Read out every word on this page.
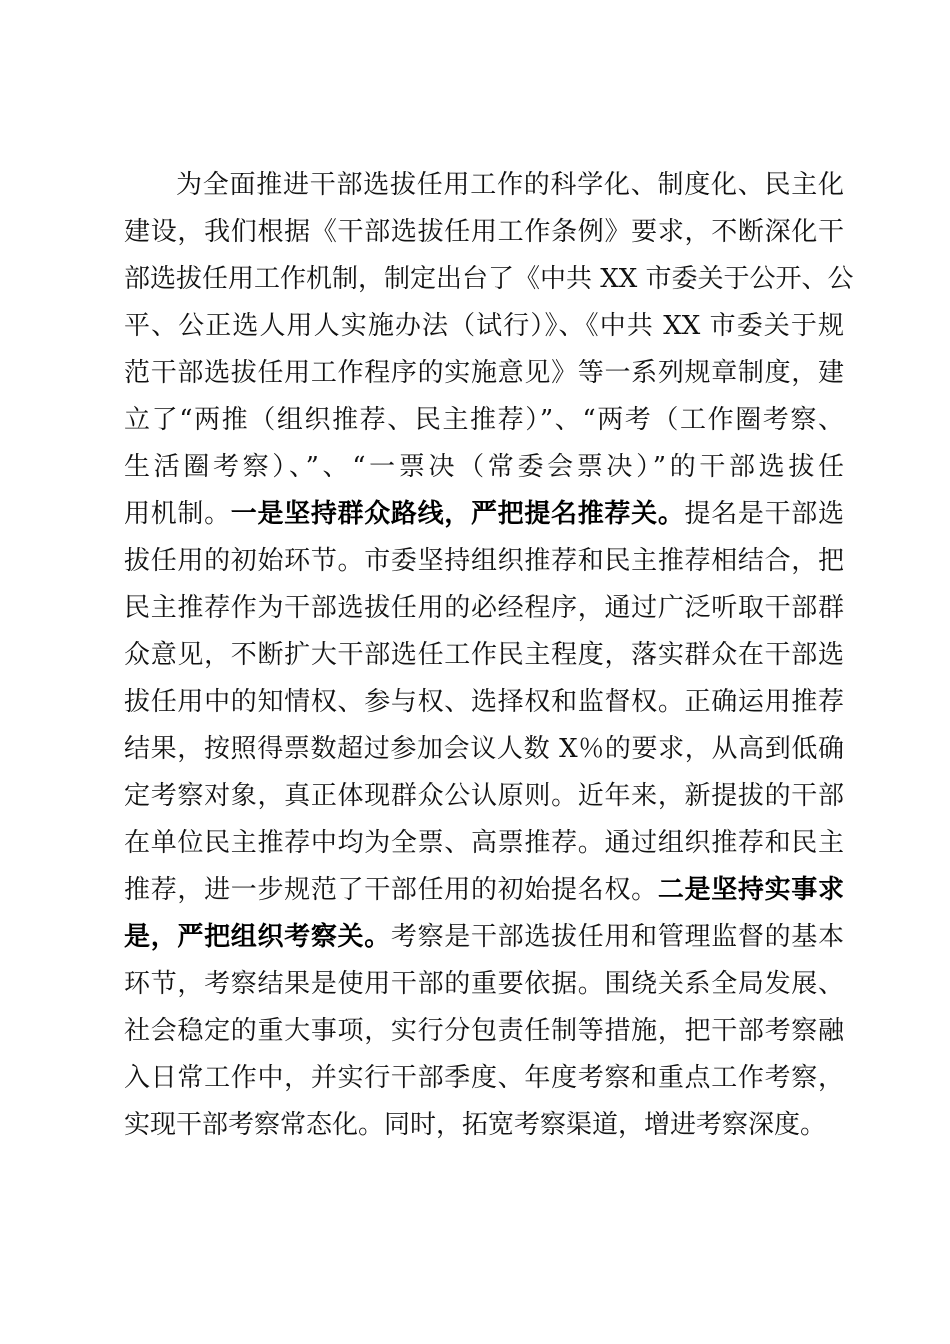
为全面推进干部选拔任用工作的科学化、制度化、民主化
建设，我们根据《干部选拔任用工作条例》要求，不断深化干
部选拔任用工作机制，制定出台了《中共 XX 市委关于公开、公
平、公正选人用人实施办法（试行）》、《中共 XX 市委关于规
范干部选拔任用工作程序的实施意见》等一系列规章制度，建
立了“两推（组织推荐、民主推荐）”、“两考（工作圈考察、
生活圈考察）、”、“一票决（常委会票决）”的干部选拔任
用机制。一是坚持群众路线，严把提名推荐关。提名是干部选
拔任用的初始环节。市委坚持组织推荐和民主推荐相结合，把
民主推荐作为干部选拔任用的必经程序，通过广泛听取干部群
众意见，不断扩大干部选任工作民主程度，落实群众在干部选
拔任用中的知情权、参与权、选择权和监督权。正确运用推荐
结果，按照得票数超过参加会议人数 X％的要求，从高到低确
定考察对象，真正体现群众公认原则。近年来，新提拔的干部
在单位民主推荐中均为全票、高票推荐。通过组织推荐和民主
推荐，进一步规范了干部任用的初始提名权。二是坚持实事求
是，严把组织考察关。考察是干部选拔任用和管理监督的基本
环节，考察结果是使用干部的重要依据。围绕关系全局发展、
社会稳定的重大事项，实行分包责任制等措施，把干部考察融
入日常工作中，并实行干部季度、年度考察和重点工作考察，
实现干部考察常态化。同时，拓宽考察渠道，增进考察深度。
